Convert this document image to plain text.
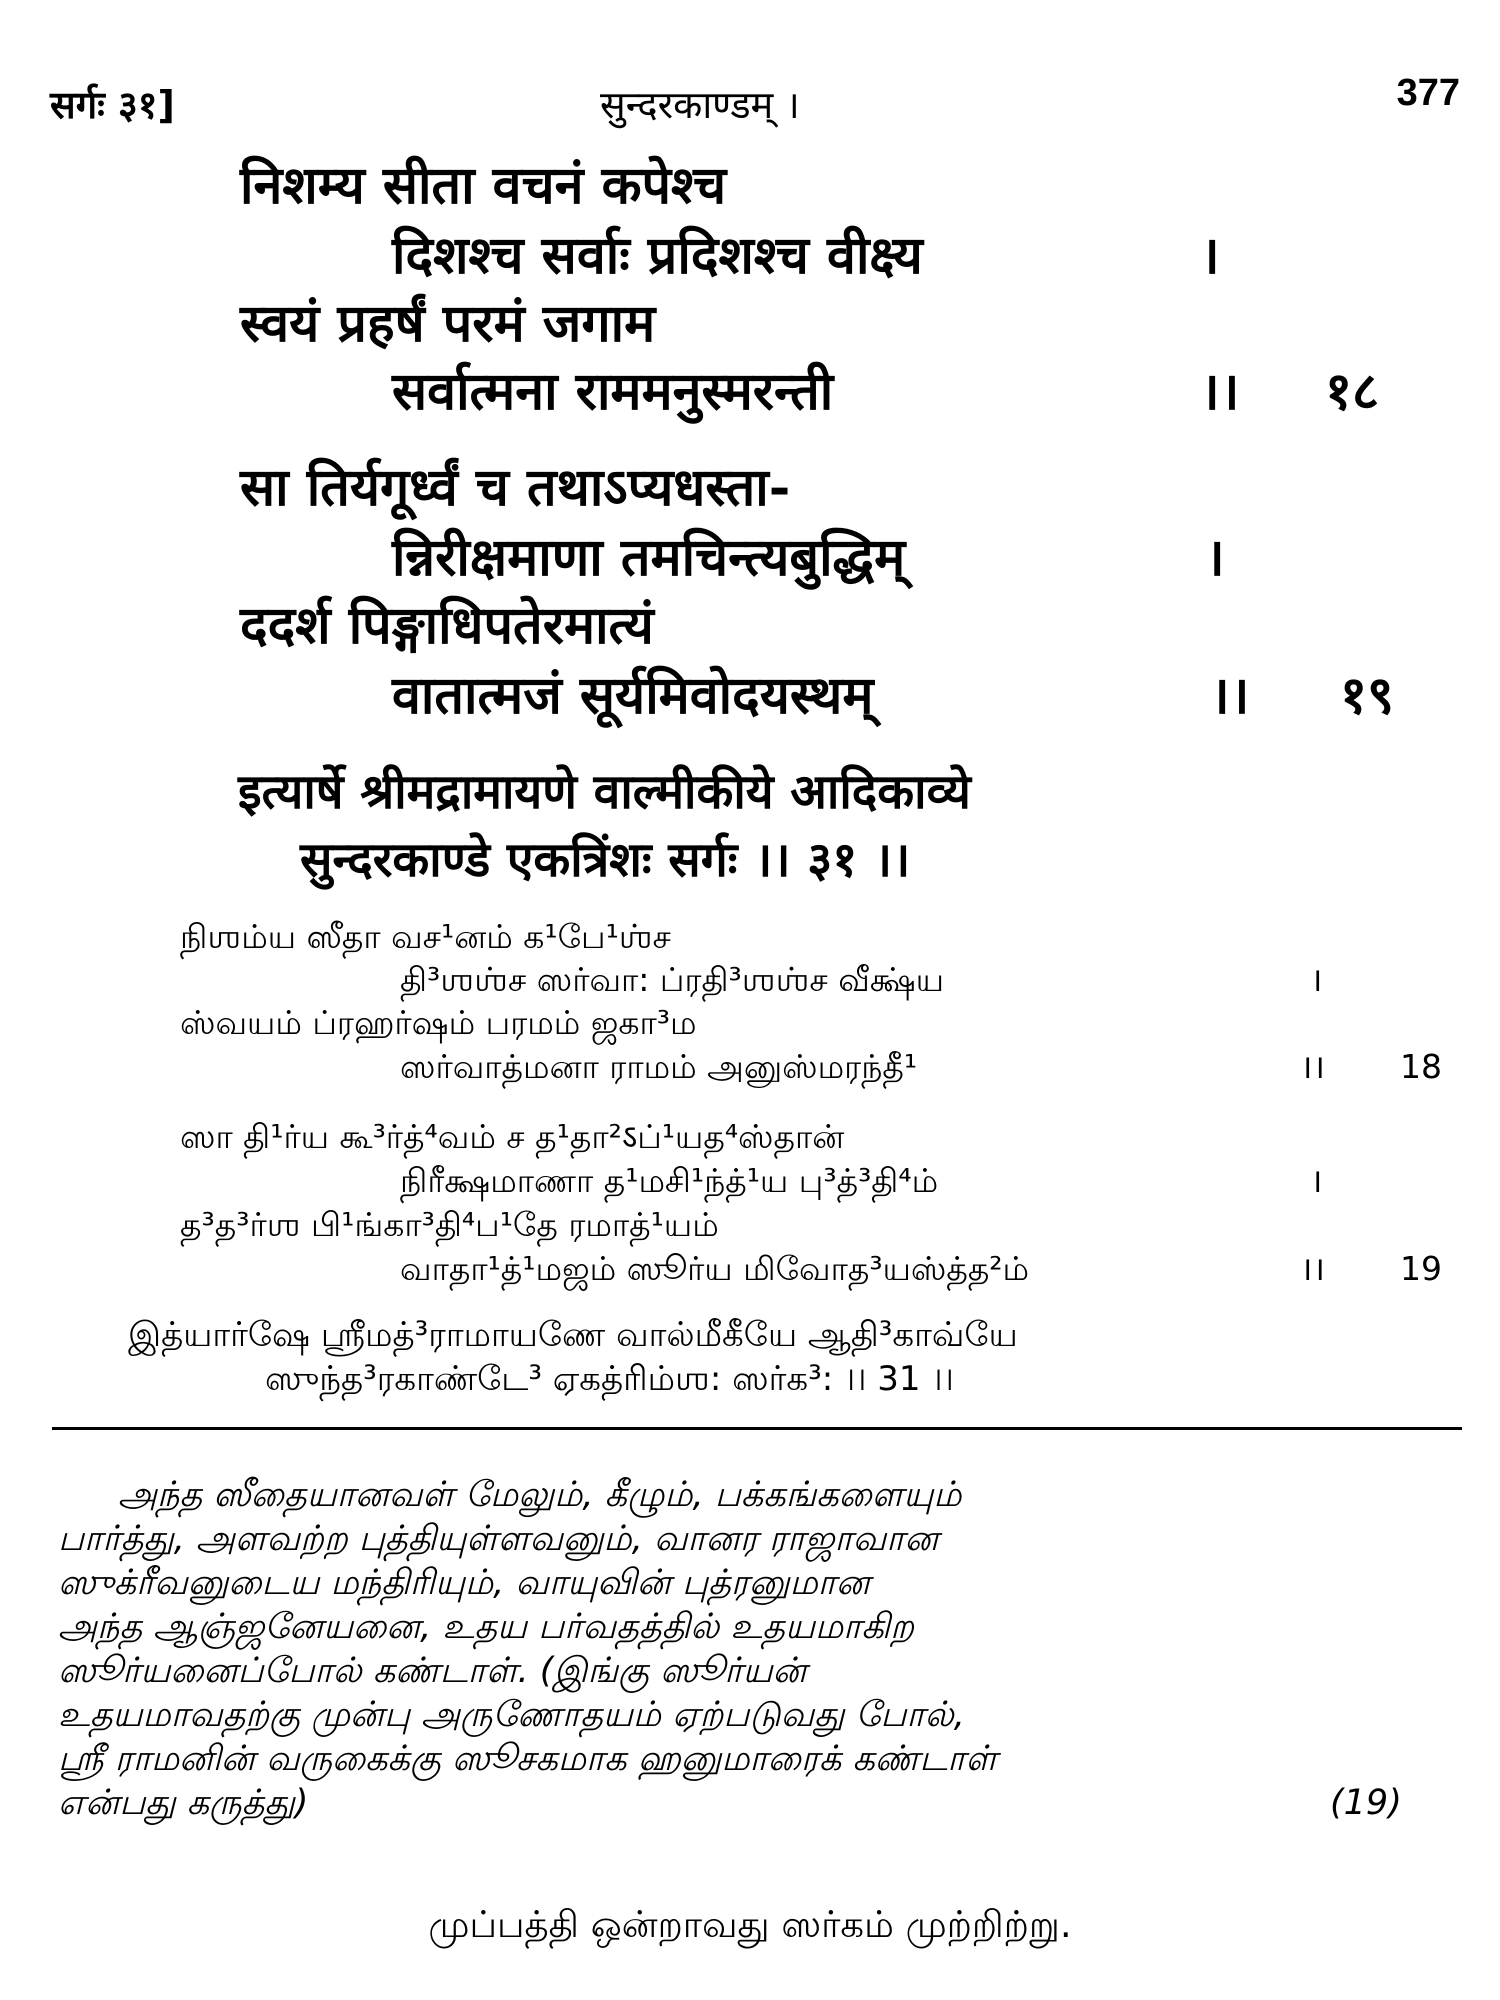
सर्गः ३१]	सुन्दरकाण्डम् ।	377
निशम्य सीता वचनं कपेश्च
दिशश्च सर्वाः प्रदिशश्च वीक्ष्य	।
स्वयं प्रहर्षं परमं जगाम
सर्वात्मना राममनुस्मरन्ती	।। १८
सा तिर्यगूर्ध्वं च तथाऽप्यधस्ता-
न्निरीक्षमाणा तमचिन्त्यबुद्धिम्	।
ददर्श पिङ्गाधिपतेरमात्यं
वातात्मजं सूर्यमिवोदयस्थम्	।। १९
इत्यार्षे श्रीमद्रामायणे वाल्मीकीये आदिकाव्ये
सुन्दरकाण्डे एकत्रिंशः सर्गः ।। ३१ ।।
நிஶம்ய ஸீதா வச¹னம் க¹பே¹ஶ்ச
தி³ஶஶ்ச ஸர்வா: ப்ரதி³ஶஶ்ச வீக்ஷ்ய	।
ஸ்வயம் ப்ரஹர்ஷம் பரமம் ஜகா³ம
ஸர்வாத்மனா ராமம் அனுஸ்மரந்தீ¹	।। 18
ஸா தி¹ர்ய கூ³ர்த்⁴வம் ச த¹தா²ऽப்¹யத⁴ஸ்தான்
நிரீக்ஷமாணா த¹மசி¹ந்த்¹ய பு³த்³தி⁴ம்	।
த³த³ர்ஶ பி¹ங்கா³தி⁴ப¹தே ரமாத்¹யம்
வாதா¹த்¹மஜம் ஸூர்ய மிவோத³யஸ்த்த²ம்	।। 19
இத்யார்ஷே ஶ்ரீமத்³ராமாயணே வால்மீகீயே ஆதி³காவ்யே
ஸுந்த³ரகாண்டே³ ஏகத்ரிம்ஶ: ஸர்க³: ।। 31 ।।
அந்த ஸீதையானவள் மேலும், கீழும், பக்கங்களையும்
பார்த்து, அளவற்ற புத்தியுள்ளவனும், வானர ராஜாவான
ஸுக்ரீவனுடைய மந்திரியும், வாயுவின் புத்ரனுமான
அந்த ஆஞ்ஜனேயனை, உதய பர்வதத்தில் உதயமாகிற
ஸூர்யனைப்போல் கண்டாள். (இங்கு ஸூர்யன்
உதயமாவதற்கு முன்பு அருணோதயம் ஏற்படுவது போல்,
ஸ்ரீ ராமனின் வருகைக்கு ஸூசகமாக ஹனுமாரைக் கண்டாள்
என்பது கருத்து)	(19)
முப்பத்தி ஒன்றாவது ஸர்கம் முற்றிற்று.
